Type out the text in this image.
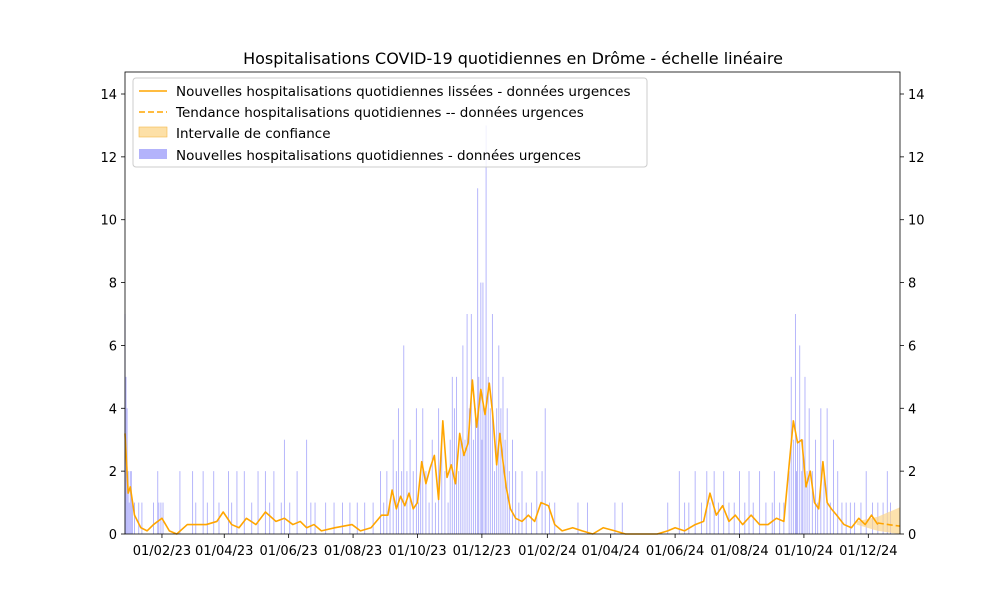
Hospitalisations COVID-19 quotidiennes en Drôme - échelle linéaire
0	0
2	2
4	4
6	6
8	8
10	10
12	12
14	14
01/02/23 01/04/23 01/06/23 01/08/23 01/10/23 01/12/23 01/02/24 01/04/24 01/06/24 01/08/24 01/10/24 01/12/24
Nouvelles hospitalisations quotidiennes lissées - données urgences
Tendance hospitalisations quotidiennes -- données urgences
Intervalle de confiance
Nouvelles hospitalisations quotidiennes - données urgences
